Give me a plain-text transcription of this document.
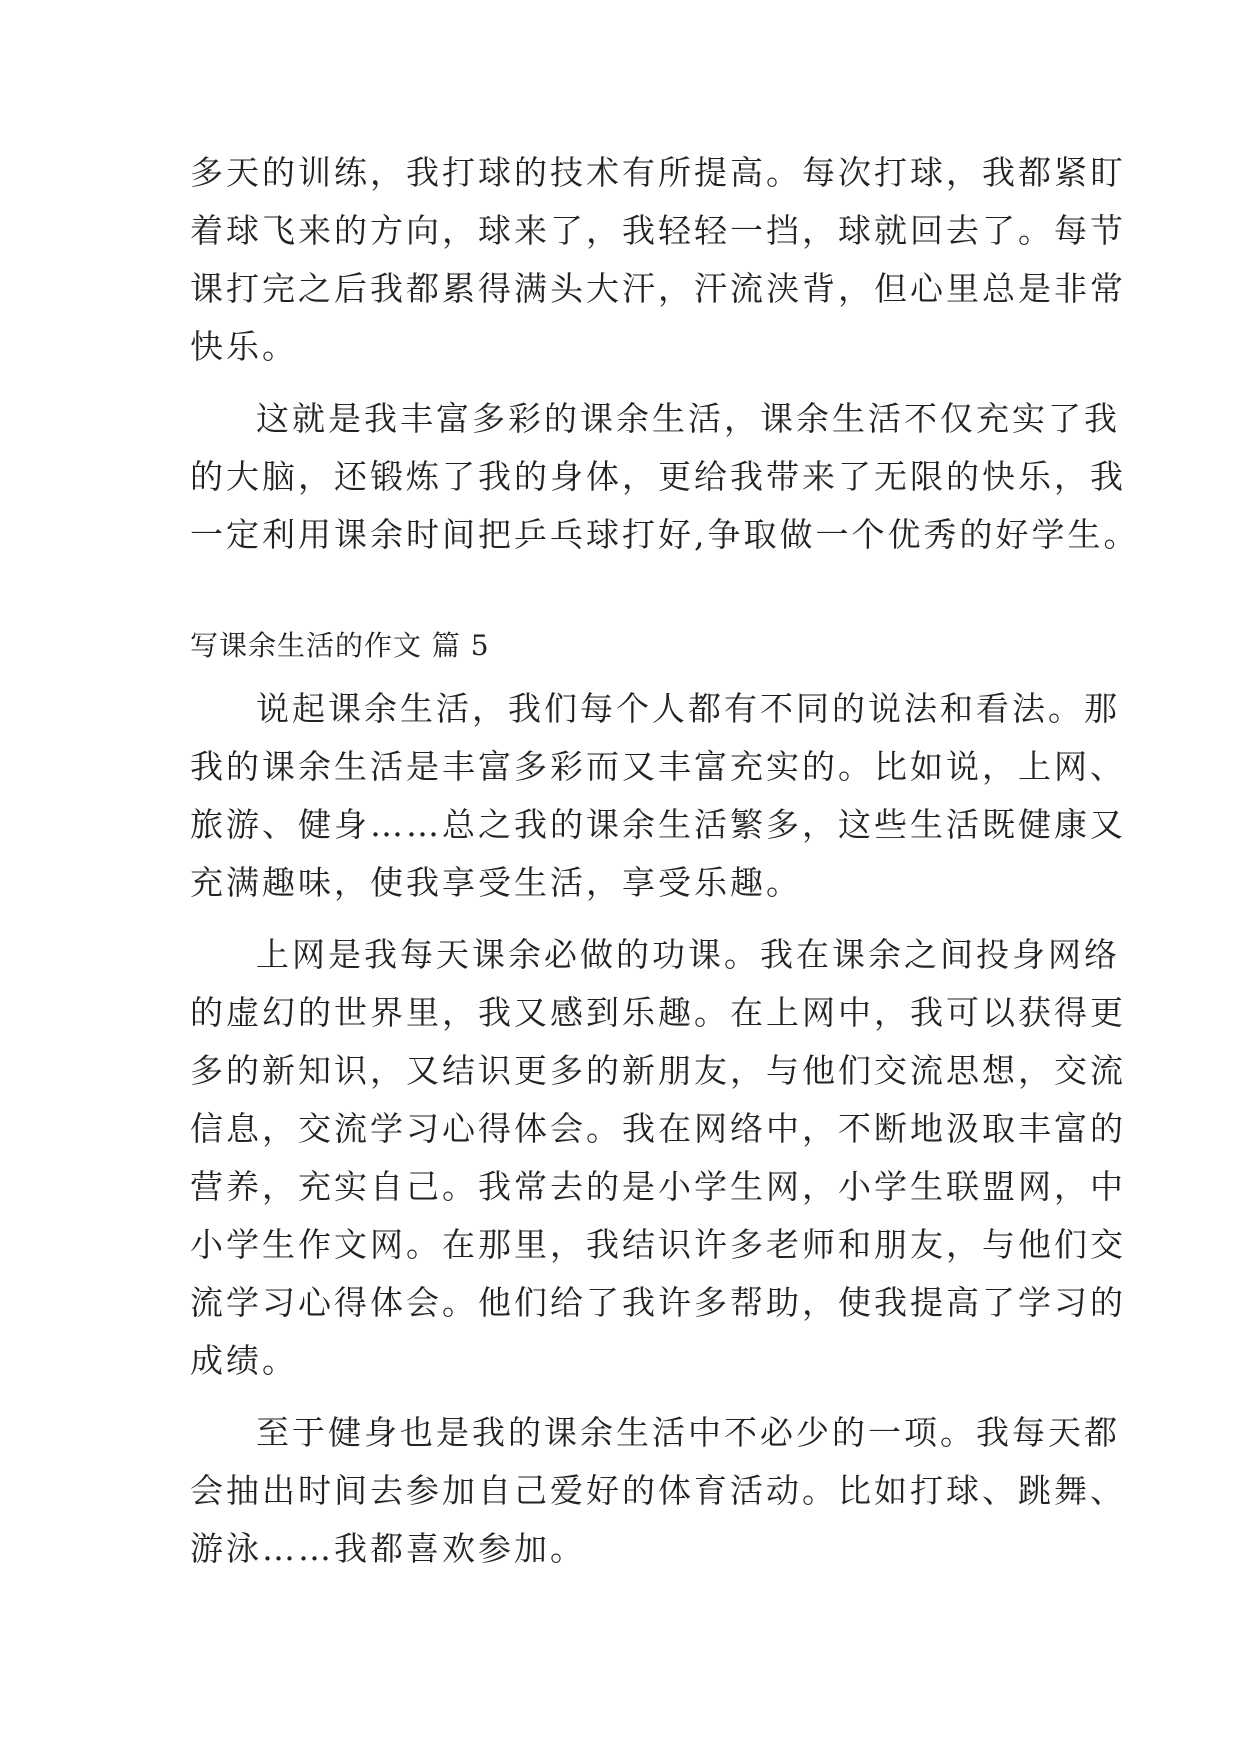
多天的训练，我打球的技术有所提高。每次打球，我都紧盯
着球飞来的方向，球来了，我轻轻一挡，球就回去了。每节
课打完之后我都累得满头大汗，汗流浃背，但心里总是非常
快乐。
这就是我丰富多彩的课余生活，课余生活不仅充实了我
的大脑，还锻炼了我的身体，更给我带来了无限的快乐，我
一定利用课余时间把乒乓球打好,争取做一个优秀的好学生。
写课余生活的作文 篇 5
说起课余生活，我们每个人都有不同的说法和看法。那
我的课余生活是丰富多彩而又丰富充实的。比如说，上网、
旅游、健身……总之我的课余生活繁多，这些生活既健康又
充满趣味，使我享受生活，享受乐趣。
上网是我每天课余必做的功课。我在课余之间投身网络
的虚幻的世界里，我又感到乐趣。在上网中，我可以获得更
多的新知识，又结识更多的新朋友，与他们交流思想，交流
信息，交流学习心得体会。我在网络中，不断地汲取丰富的
营养，充实自己。我常去的是小学生网，小学生联盟网，中
小学生作文网。在那里，我结识许多老师和朋友，与他们交
流学习心得体会。他们给了我许多帮助，使我提高了学习的
成绩。
至于健身也是我的课余生活中不必少的一项。我每天都
会抽出时间去参加自己爱好的体育活动。比如打球、跳舞、
游泳……我都喜欢参加。
